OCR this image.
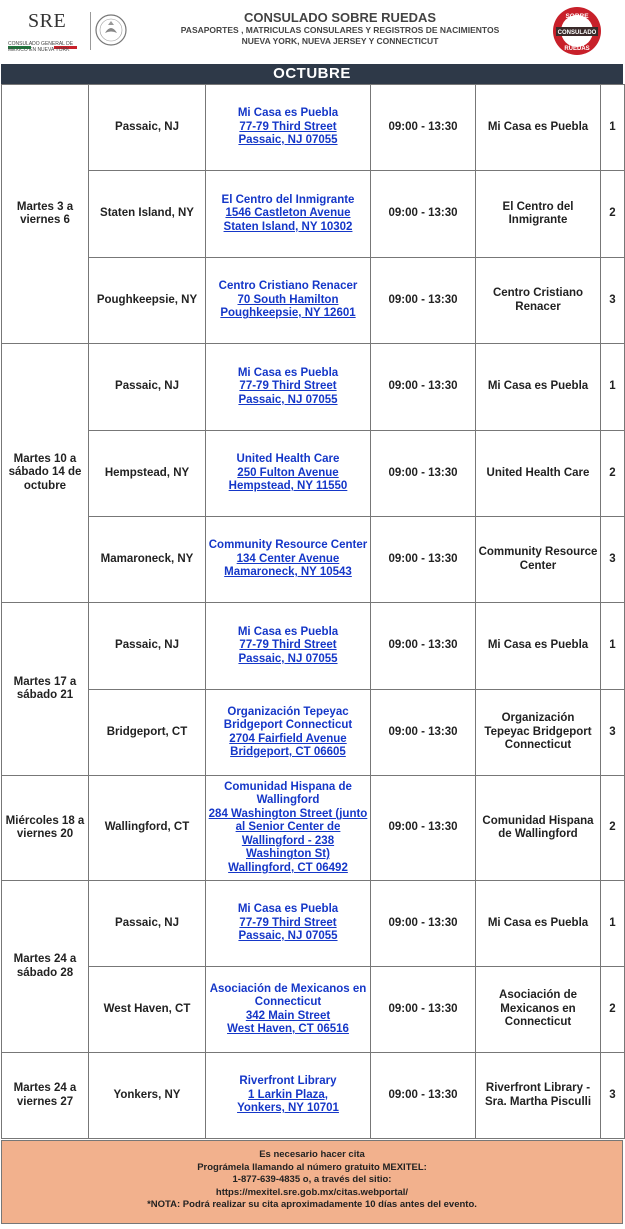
SRE
CONSULADO GENERAL DE
MÉXICO EN NUEVA YORK
CONSULADO SOBRE RUEDAS
PASAPORTES , MATRICULAS CONSULARES Y REGISTROS DE NACIMIENTOS
NUEVA YORK, NUEVA JERSEY Y CONNECTICUT
SOBRE
CONSULADO
RUEDAS
OCTUBRE
Martes 3 a viernes 6	Passaic, NJ	Mi Casa es Puebla
77-79 Third Street
Passaic, NJ 07055	09:00 - 13:30	Mi Casa es Puebla	1
	Staten Island, NY	El Centro del Inmigrante
1546 Castleton Avenue
Staten Island, NY 10302	09:00 - 13:30	El Centro del Inmigrante	2
	Poughkeepsie, NY	Centro Cristiano Renacer
70 South Hamilton
Poughkeepsie, NY 12601	09:00 - 13:30	Centro Cristiano Renacer	3
Martes 10 a sábado 14 de octubre	Passaic, NJ	Mi Casa es Puebla
77-79 Third Street
Passaic, NJ 07055	09:00 - 13:30	Mi Casa es Puebla	1
	Hempstead, NY	United Health Care
250 Fulton Avenue
Hempstead, NY 11550	09:00 - 13:30	United Health Care	2
	Mamaroneck, NY	Community Resource Center
134 Center Avenue
Mamaroneck, NY 10543	09:00 - 13:30	Community Resource Center	3
Martes 17 a sábado 21	Passaic, NJ	Mi Casa es Puebla
77-79 Third Street
Passaic, NJ 07055	09:00 - 13:30	Mi Casa es Puebla	1
	Bridgeport, CT	Organización Tepeyac Bridgeport Connecticut
2704 Fairfield Avenue
Bridgeport, CT 06605	09:00 - 13:30	Organización Tepeyac Bridgeport Connecticut	3
Miércoles 18 a viernes 20	Wallingford, CT	Comunidad Hispana de Wallingford
284 Washington Street (junto al Senior Center de Wallingford - 238 Washington St)
Wallingford, CT 06492	09:00 - 13:30	Comunidad Hispana de Wallingford	2
Martes 24 a sábado 28	Passaic, NJ	Mi Casa es Puebla
77-79 Third Street
Passaic, NJ 07055	09:00 - 13:30	Mi Casa es Puebla	1
	West Haven, CT	Asociación de Mexicanos en Connecticut
342 Main Street
West Haven, CT 06516	09:00 - 13:30	Asociación de Mexicanos en Connecticut	2
Martes 24 a viernes 27	Yonkers, NY	Riverfront Library
1 Larkin Plaza,
Yonkers, NY 10701	09:00 - 13:30	Riverfront Library - Sra. Martha Pisculli	3
Es necesario hacer cita
Prográmela llamando al número gratuito MEXITEL:
1-877-639-4835 o, a través del sitio:
https://mexitel.sre.gob.mx/citas.webportal/
*NOTA: Podrá realizar su cita aproximadamente 10 días antes del evento.
